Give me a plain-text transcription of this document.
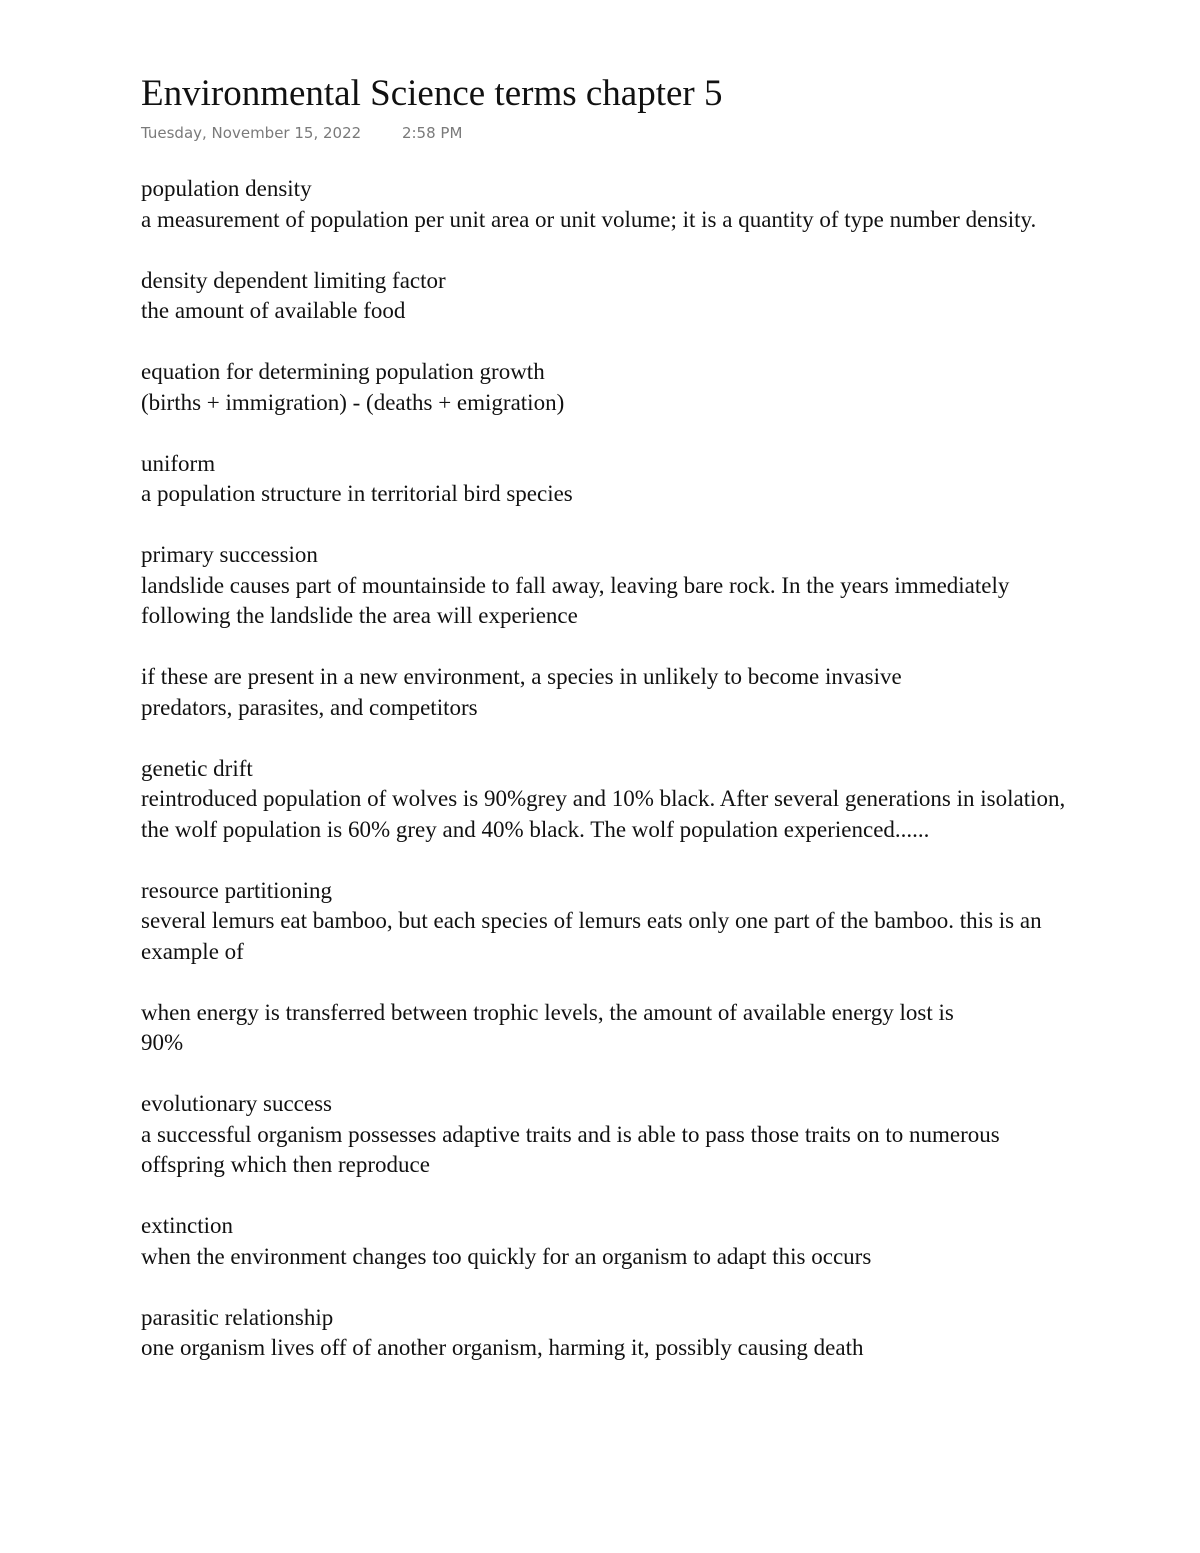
Environmental Science terms chapter 5
Tuesday, November 15, 2022	2:58 PM

population density

a measurement of population per unit area or unit volume; it is a quantity of type number density.

density dependent limiting factor

the amount of available food

equation for determining population growth

(births + immigration) - (deaths + emigration)

uniform

a population structure in territorial bird species

primary succession

landslide causes part of mountainside to fall away, leaving bare rock. In the years immediately following the landslide the area will experience

if these are present in a new environment, a species in unlikely to become invasive

predators, parasites, and competitors

genetic drift

reintroduced population of wolves is 90%grey and 10% black. After several generations in isolation, the wolf population is 60% grey and 40% black. The wolf population experienced......

resource partitioning

several lemurs eat bamboo, but each species of lemurs eats only one part of the bamboo. this is an example of

when energy is transferred between trophic levels, the amount of available energy lost is

90%

evolutionary success

a successful organism possesses adaptive traits and is able to pass those traits on to numerous offspring which then reproduce

extinction

when the environment changes too quickly for an organism to adapt this occurs

parasitic relationship

one organism lives off of another organism, harming it, possibly causing death
